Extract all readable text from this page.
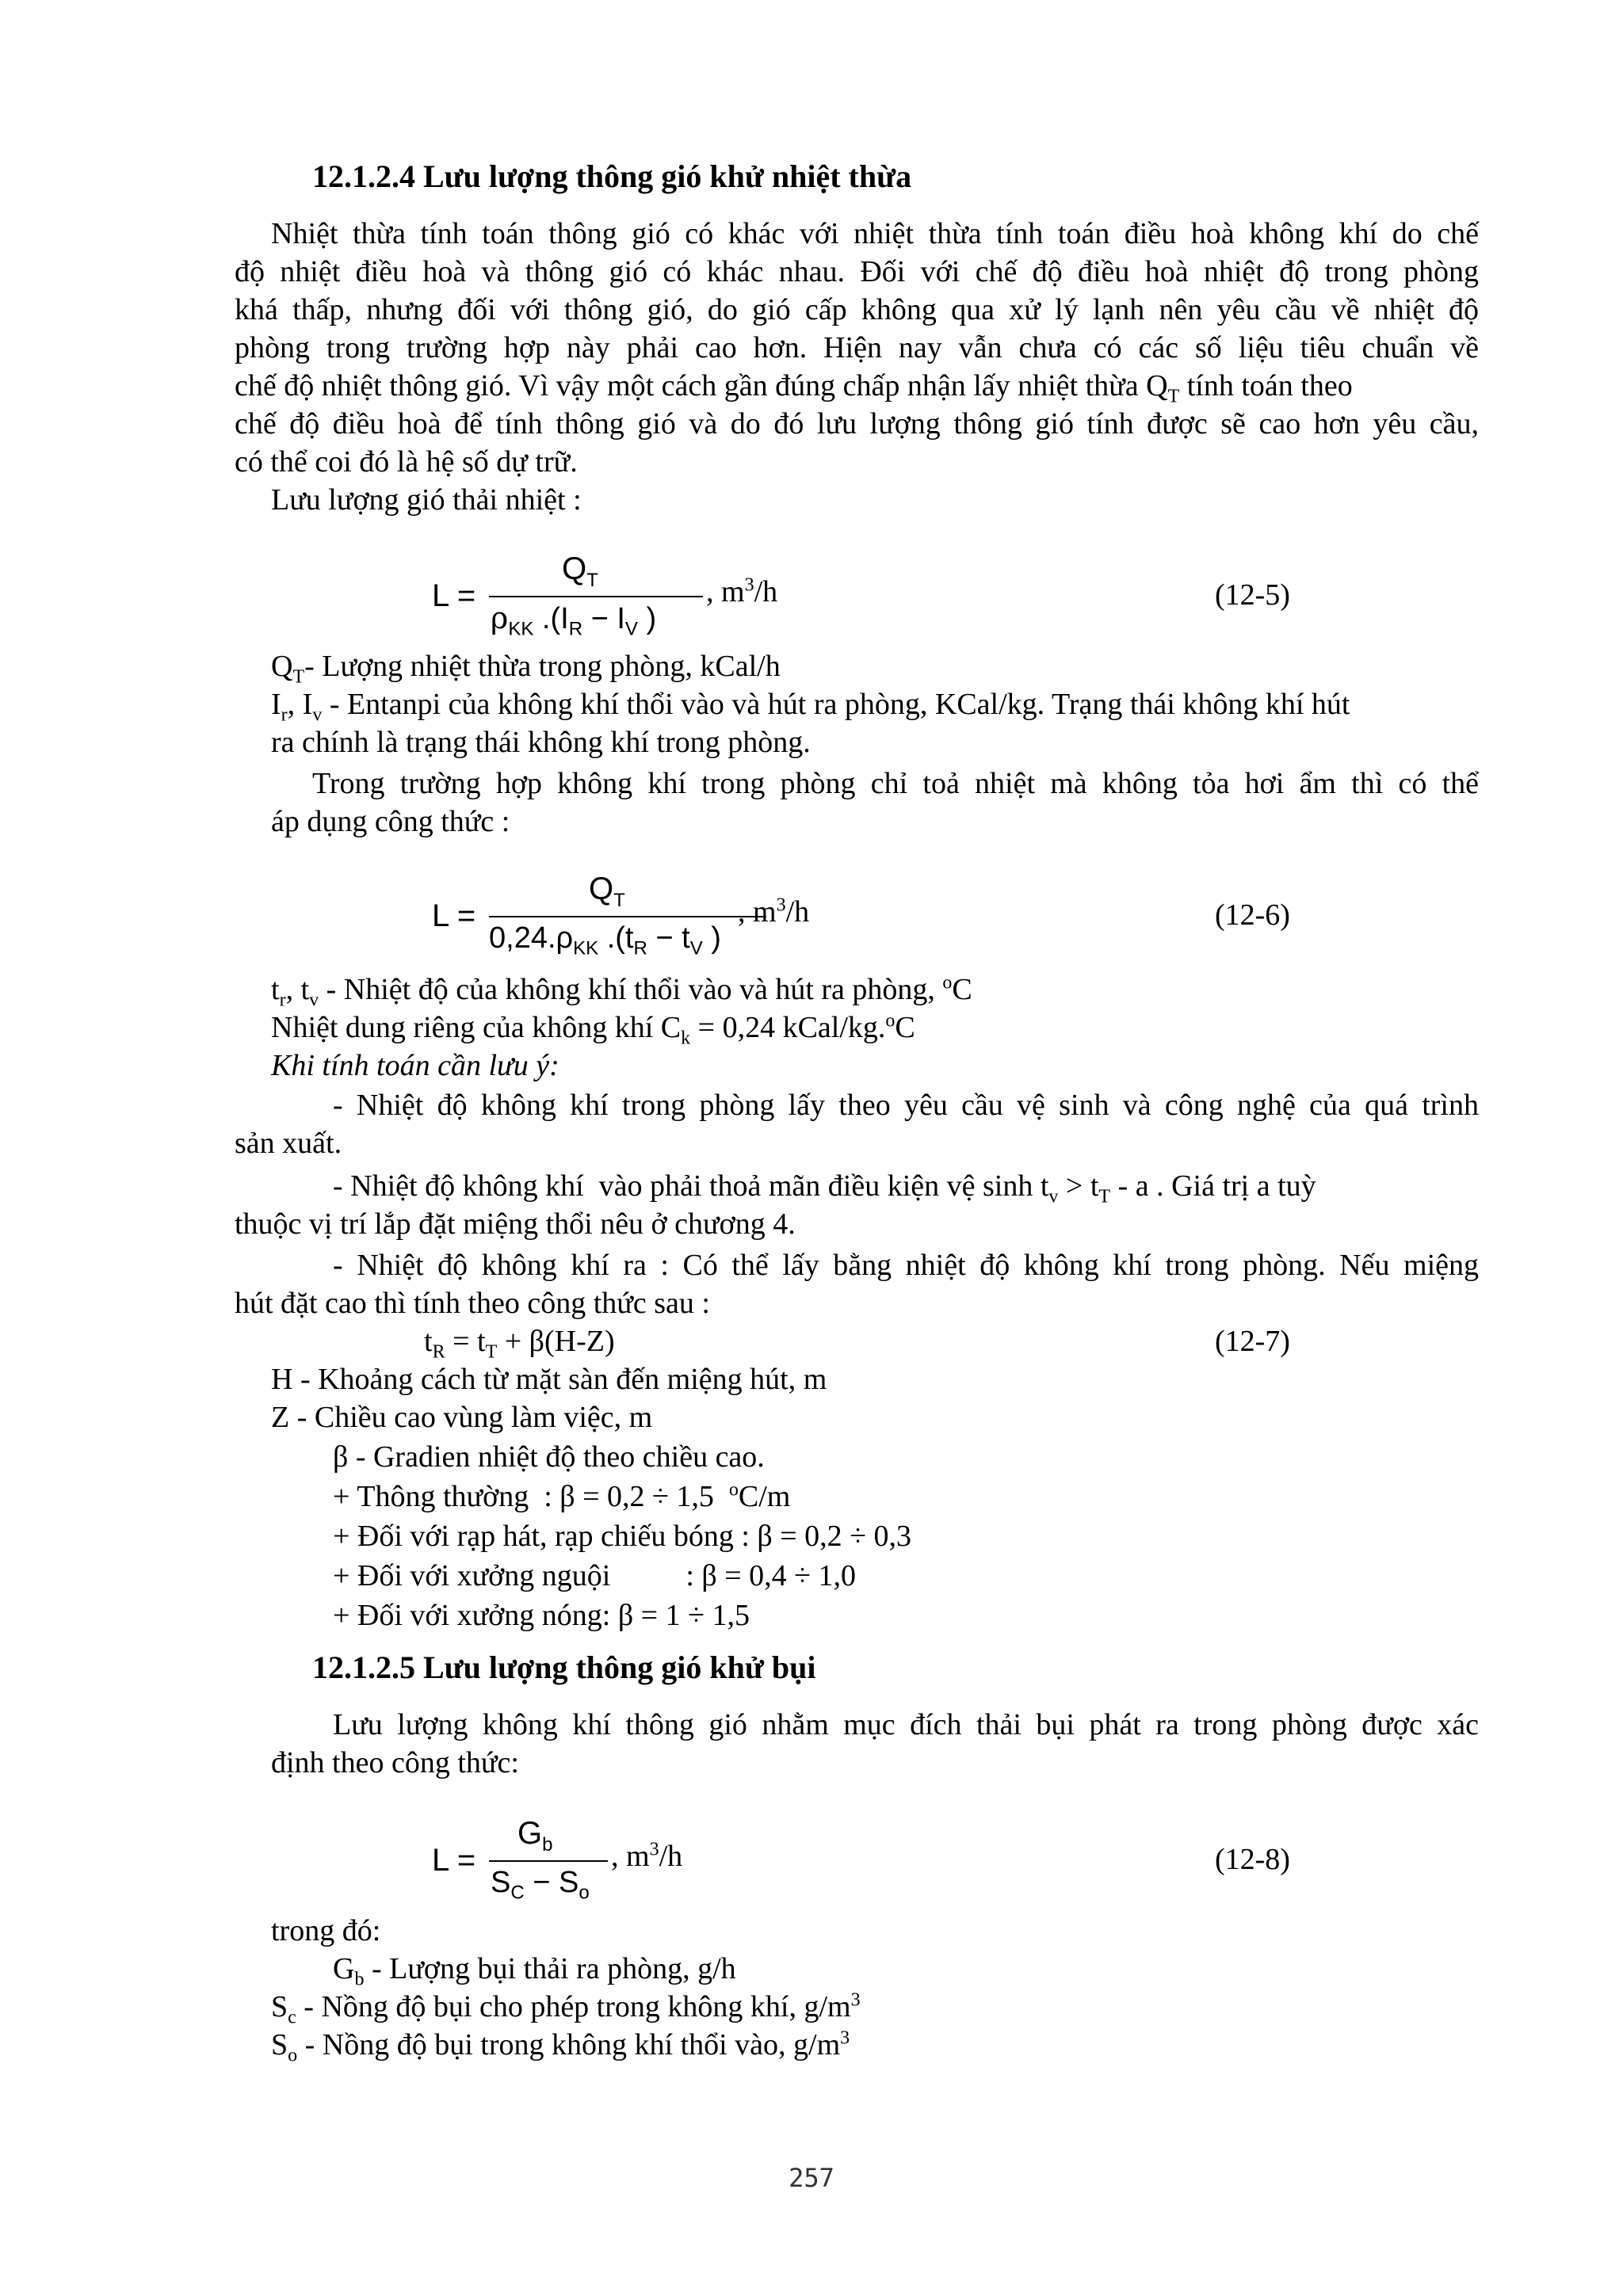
12.1.2.4 Lưu lượng thông gió khử nhiệt thừa
Nhiệt thừa tính toán thông gió có khác với nhiệt thừa tính toán điều hoà không khí do chế
độ nhiệt điều hoà và thông gió có khác nhau. Đối với chế độ điều hoà nhiệt độ trong phòng
khá thấp, nhưng đối với thông gió, do gió cấp không qua xử lý lạnh nên yêu cầu về nhiệt độ
phòng trong trường hợp này phải cao hơn. Hiện nay vẫn chưa có các số liệu tiêu chuẩn về
chế độ nhiệt thông gió. Vì vậy một cách gần đúng chấp nhận lấy nhiệt thừa $Q_T$ tính toán theo
chế độ điều hoà để tính thông gió và do đó lưu lượng thông gió tính được sẽ cao hơn yêu cầu,
có thể coi đó là hệ số dự trữ.
Lưu lượng gió thải nhiệt :
L =
$Q_T$
$\rho_{KK}$ $.(I_R - I_V$ )
, $m^3/h$	(12-5)
$Q_T-$ Lượng nhiệt thừa trong phòng, kCal/h
$I_r$, $I_v$ - Entanpi của không khí thổi vào và hút ra phòng, KCal/kg. Trạng thái không khí hút
ra chính là trạng thái không khí trong phòng.
Trong trường hợp không khí trong phòng chỉ toả nhiệt mà không tỏa hơi ẩm thì có thể
áp dụng công thức :
L =
$Q_T$
$0,24.\rho_{KK}$ $.(t_R - t_V$ )
, $m^3/h$	(12-6)
$t_r$, $t_v$ - Nhiệt độ của không khí thổi vào và hút ra phòng, $^o$C
Nhiệt dung riêng của không khí $C_k = 0,24$ kCal/kg.$^o$C
Khi tính toán cần lưu ý:
- Nhiệt độ không khí trong phòng lấy theo yêu cầu vệ sinh và công nghệ của quá trình
sản xuất.
- Nhiệt độ không khí  vào phải thoả mãn điều kiện vệ $\sinh t_v > t_T - a$ . Giá trị a tuỳ
thuộc vị trí lắp đặt miệng thổi nêu ở chương 4.
- Nhiệt độ không khí ra : Có thể lấy bằng nhiệt độ không khí trong phòng. Nếu miệng
hút đặt cao thì tính theo công thức sau :
$t_R = t_T + \beta(H-Z)$	(12-7)
H - Khoảng cách từ mặt sàn đến miệng hút, m
Z - Chiều cao vùng làm việc, m
β - Gradien nhiệt độ theo chiều cao.
+ Thông thường  : β = 0,2 ÷ 1,5  $^o$C/m
+ Đối với rạp hát, rạp chiếu bóng : β = 0,2 ÷ 0,3
+ Đối với xưởng nguội          : β = 0,4 ÷ 1,0
+ Đối với xưởng nóng: β = 1 ÷ 1,5
12.1.2.5 Lưu lượng thông gió khử bụi
Lưu lượng không khí thông gió nhằm mục đích thải bụi phát ra trong phòng được xác
định theo công thức:
L =
$G_b$
$S_C - S_o$
, $m^3/h$	(12-8)
trong đó:
$G_b$ - Lượng bụi thải ra phòng, g/h
$S_c$ - Nồng độ bụi cho phép trong không khí, $g/m^3$
$S_o$ - Nồng độ bụi trong không khí thổi vào, $g/m^3$
257
